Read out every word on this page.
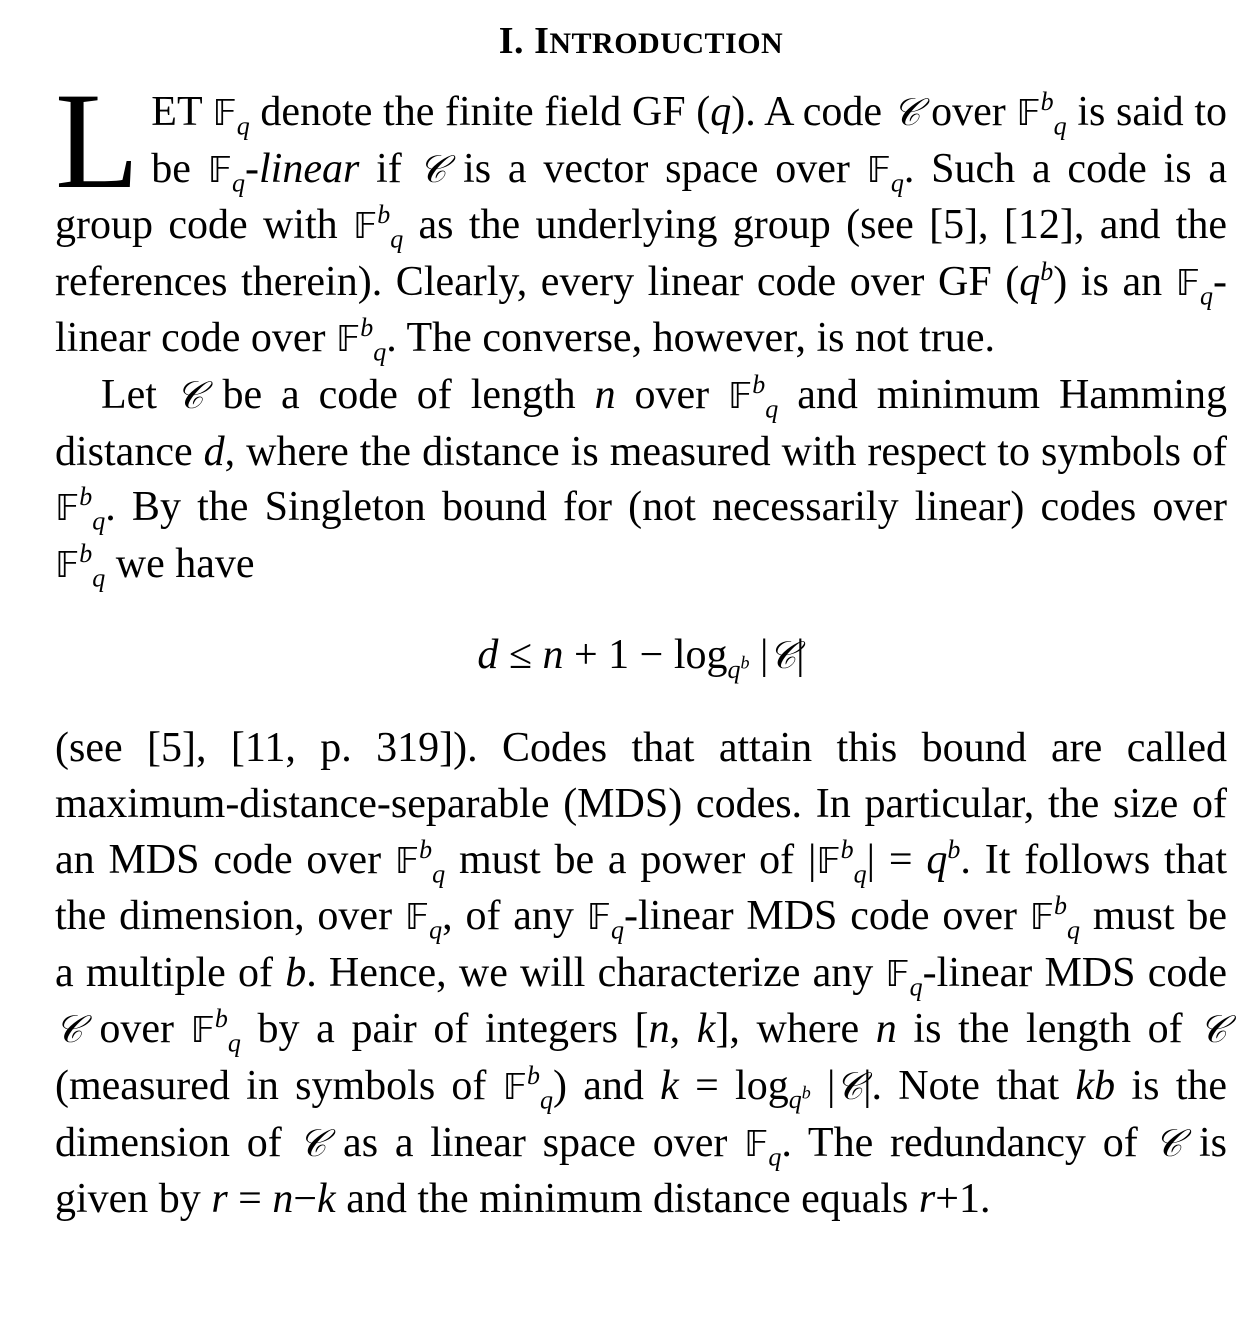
I. INTRODUCTION

LET 𝔽$_q$ denote the finite field GF (q). A code 𝒞 over 𝔽$^b_q$ is said to be 𝔽$_q$-linear if 𝒞 is a vector space over 𝔽$_q$. Such a code is a group code with 𝔽$^b_q$ as the underlying group (see [5], [12], and the references therein). Clearly, every linear code over GF $(q^b)$ is an 𝔽$_q$-linear code over 𝔽$^b_q$. The converse, however, is not true.

Let 𝒞 be a code of length n over 𝔽$^b_q$ and minimum Hamming distance d, where the distance is measured with respect to symbols of 𝔽$^b_q$. By the Singleton bound for (not necessarily linear) codes over 𝔽$^b_q$ we have

$d \le n + 1 - \log_{q^b}$ |𝒞|

(see [5], [11, p. 319]). Codes that attain this bound are called maximum-distance-separable (MDS) codes. In particular, the size of an MDS code over 𝔽$^b_q$ must be a power of |𝔽$^b_q$| = $q^b$. It follows that the dimension, over 𝔽$_q$, of any 𝔽$_q$-linear MDS code over 𝔽$^b_q$ must be a multiple of b. Hence, we will characterize any 𝔽$_q$-linear MDS code 𝒞 over 𝔽$^b_q$ by a pair of integers [n, k], where n is the length of 𝒞 (measured in symbols of 𝔽$^b_q$) and $k = \log_{q^b}$ |𝒞|. Note that kb is the dimension of 𝒞 as a linear space over 𝔽$_q$. The redundancy of 𝒞 is given by r = n−k and the minimum distance equals r+1.
